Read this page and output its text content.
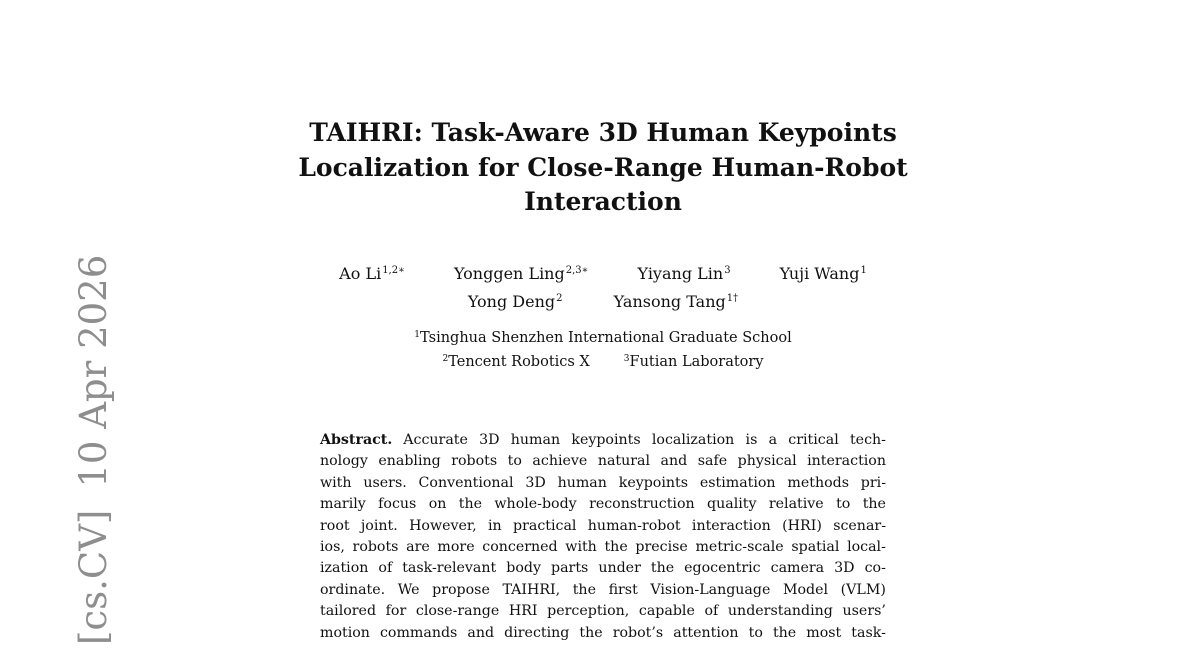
[cs.CV]10 Apr 2026
TAIHRI: Task-Aware 3D Human Keypoints
Localization for Close-Range Human-Robot
Interaction
Ao $Li^{1,2∗}$	Yonggen Ling$^{2,3∗}$	Yiyang Lin$^3$	Yuji Wang$^1$
Yong Deng$^2$	Yansong Tang$^{1\dagger}$
$^1$Tsinghua Shenzhen International Graduate School
$^2$Tencent Robotics X	$^3$Futian Laboratory
Abstract. Accurate 3D human keypoints localization is a critical tech-
nology enabling robots to achieve natural and safe physical interaction
with users. Conventional 3D human keypoints estimation methods pri-
marily focus on the whole-body reconstruction quality relative to the
root joint. However, in practical human-robot interaction (HRI) scenar-
ios, robots are more concerned with the precise metric-scale spatial local-
ization of task-relevant body parts under the egocentric camera 3D co-
ordinate. We propose TAIHRI, the first Vision-Language Model (VLM)
tailored for close-range HRI perception, capable of understanding users’
motion commands and directing the robot’s attention to the most task-
